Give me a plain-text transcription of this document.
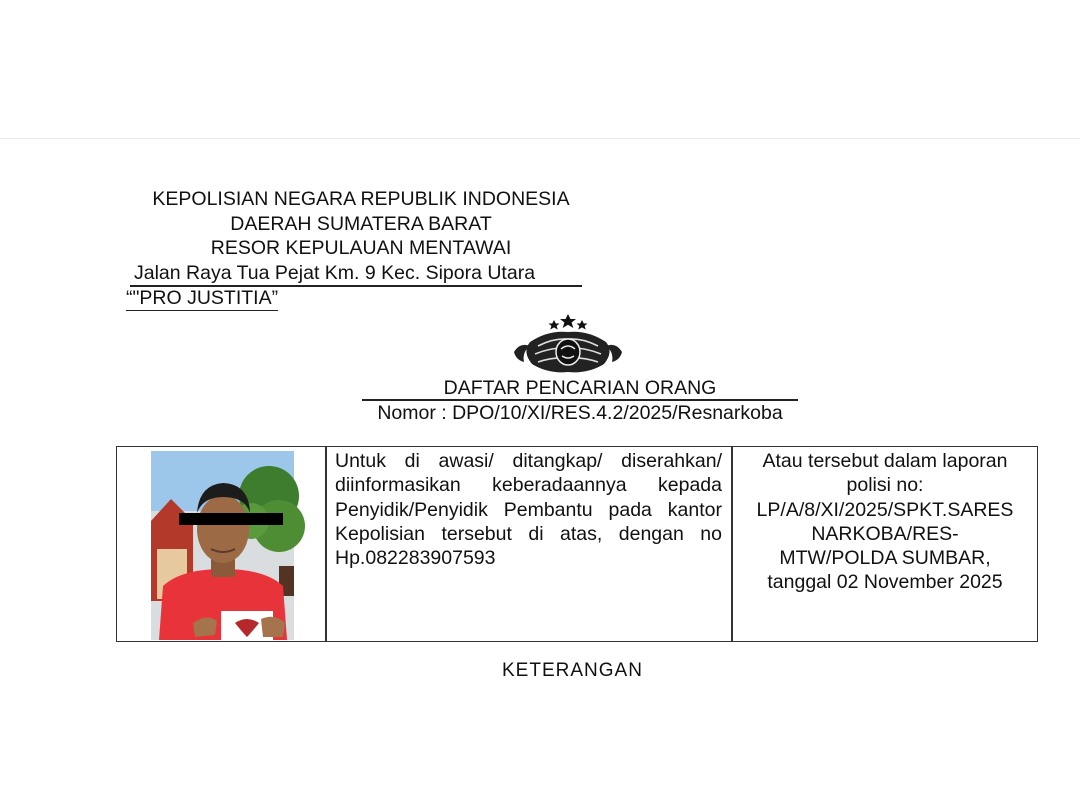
KEPOLISIAN NEGARA REPUBLIK INDONESIA
DAERAH SUMATERA BARAT
RESOR KEPULAUAN MENTAWAI
Jalan Raya Tua Pejat Km. 9 Kec. Sipora Utara
“"PRO JUSTITIA”
DAFTAR PENCARIAN ORANG
Nomor : DPO/10/XI/RES.4.2/2025/Resnarkoba

Untuk di awasi/ ditangkap/ diserahkan/ diinformasikan keberadaannya kepada Penyidik/Penyidik Pembantu pada kantor Kepolisian tersebut di atas, dengan no Hp.082283907593

Atau tersebut dalam laporan
polisi no:
LP/A/8/XI/2025/SPKT.SARES
NARKOBA/RES-
MTW/POLDA SUMBAR,
tanggal 02 November 2025
KETERANGAN
